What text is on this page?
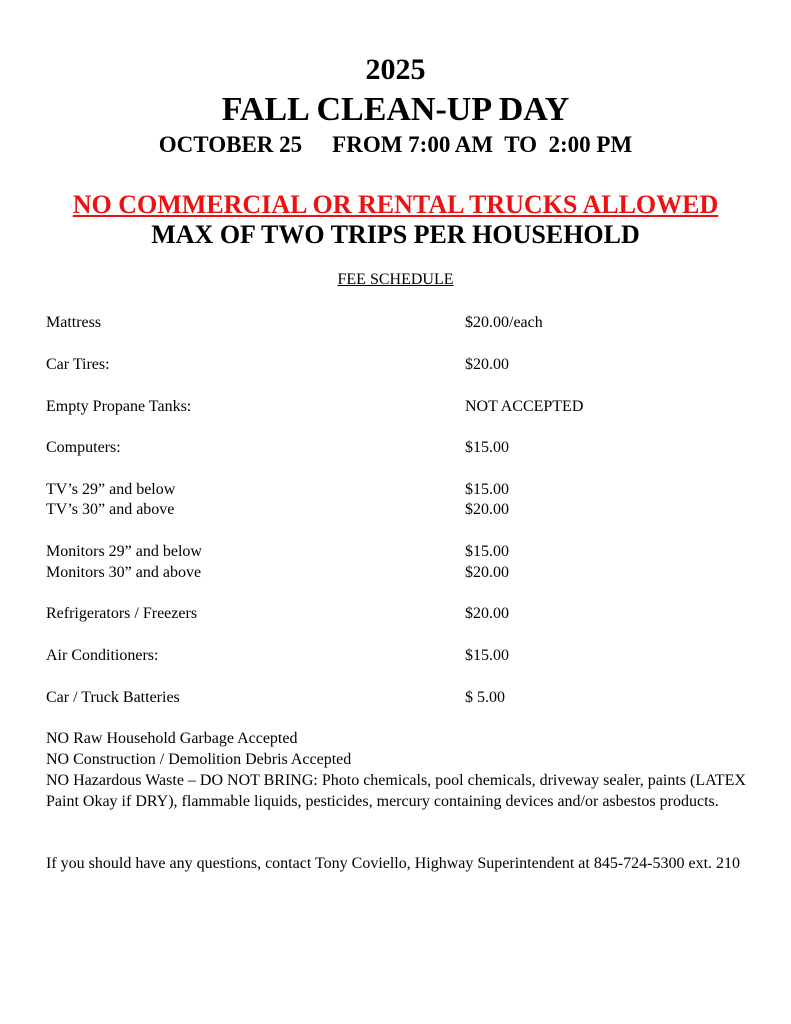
2025
FALL CLEAN-UP DAY
OCTOBER 25 FROM 7:00 AM  TO  2:00 PM
NO COMMERCIAL OR RENTAL TRUCKS ALLOWED
MAX OF TWO TRIPS PER HOUSEHOLD
FEE SCHEDULE
Mattress	$20.00/each
Car Tires:	$20.00
Empty Propane Tanks:	NOT ACCEPTED
Computers:	$15.00
TV’s 29” and below	$15.00
TV’s 30” and above	$20.00
Monitors 29” and below	$15.00
Monitors 30” and above	$20.00
Refrigerators / Freezers	$20.00
Air Conditioners:	$15.00
Car / Truck Batteries	$ 5.00
NO Raw Household Garbage Accepted
NO Construction / Demolition Debris Accepted
NO Hazardous Waste – DO NOT BRING: Photo chemicals, pool chemicals, driveway sealer, paints (LATEX Paint Okay if DRY), flammable liquids, pesticides, mercury containing devices and/or asbestos products.
If you should have any questions, contact Tony Coviello, Highway Superintendent at 845-724-5300 ext. 210
